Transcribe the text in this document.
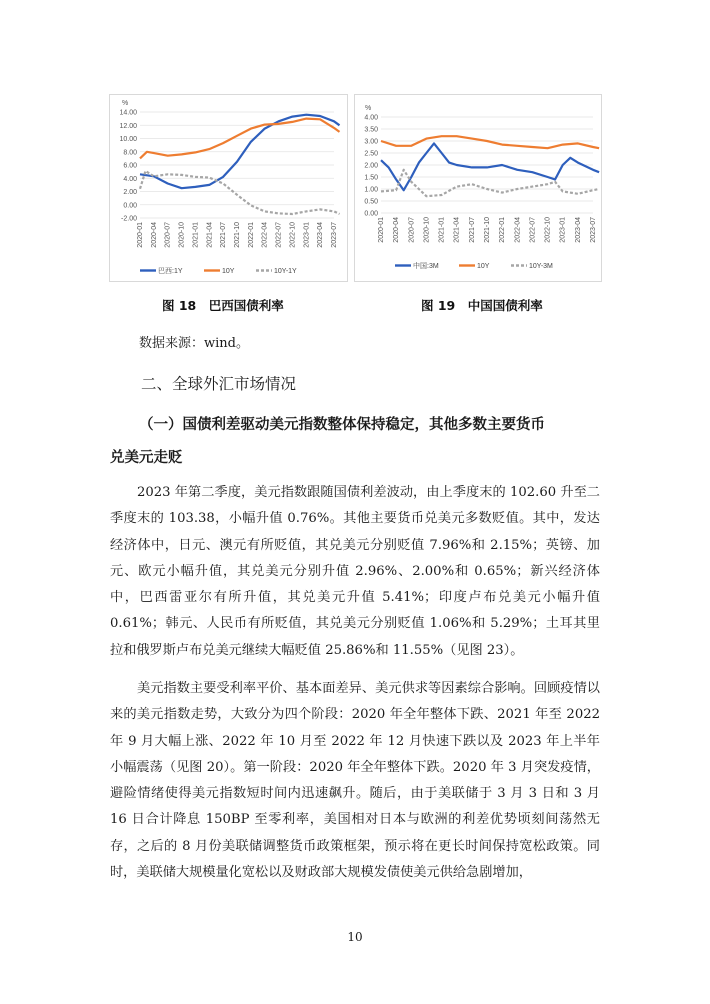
%
14.00
12.00
10.00
8.00
6.00
4.00
2.00
0.00
-2.00
2020-01 2020-04 2020-07 2020-10 2021-01 2021-04 2021-07 2021-10 2022-01 2022-04 2022-07 2022-10 2023-01 2023-04 2023-07
巴西:1Y	10Y	10Y-1Y
%
4.00
3.50
3.00
2.50
2.00
1.50
1.00
0.50
0.00
2020-01 2020-04 2020-07 2020-10 2021-01 2021-04 2021-07 2021-10 2022-01 2022-04 2022-07 2022-10 2023-01 2023-04 2023-07
中国:3M	10Y	10Y-3M
图 18　巴西国债利率	图 19　中国国债利率
数据来源：wind。
二、全球外汇市场情况
（一）国债利差驱动美元指数整体保持稳定，其他多数主要货币
兑美元走贬
2023 年第二季度，美元指数跟随国债利差波动，由上季度末的 102.60 升至二季度末的 103.38，小幅升值 0.76%。其他主要货币兑美元多数贬值。其中，发达经济体中，日元、澳元有所贬值，其兑美元分别贬值 7.96%和 2.15%；英镑、加元、欧元小幅升值，其兑美元分别升值 2.96%、2.00%和 0.65%；新兴经济体中，巴西雷亚尔有所升值，其兑美元升值 5.41%；印度卢布兑美元小幅升值 0.61%；韩元、人民币有所贬值，其兑美元分别贬值 1.06%和 5.29%；土耳其里拉和俄罗斯卢布兑美元继续大幅贬值 25.86%和 11.55%（见图 23）。
美元指数主要受利率平价、基本面差异、美元供求等因素综合影响。回顾疫情以来的美元指数走势，大致分为四个阶段：2020 年全年整体下跌、2021 年至 2022 年 9 月大幅上涨、2022 年 10 月至 2022 年 12 月快速下跌以及 2023 年上半年小幅震荡（见图 20）。第一阶段：2020 年全年整体下跌。2020 年 3 月突发疫情，避险情绪使得美元指数短时间内迅速飙升。随后，由于美联储于 3 月 3 日和 3 月 16 日合计降息 150BP 至零利率，美国相对日本与欧洲的利差优势顷刻间荡然无存，之后的 8 月份美联储调整货币政策框架，预示将在更长时间保持宽松政策。同时，美联储大规模量化宽松以及财政部大规模发债使美元供给急剧增加，
10
